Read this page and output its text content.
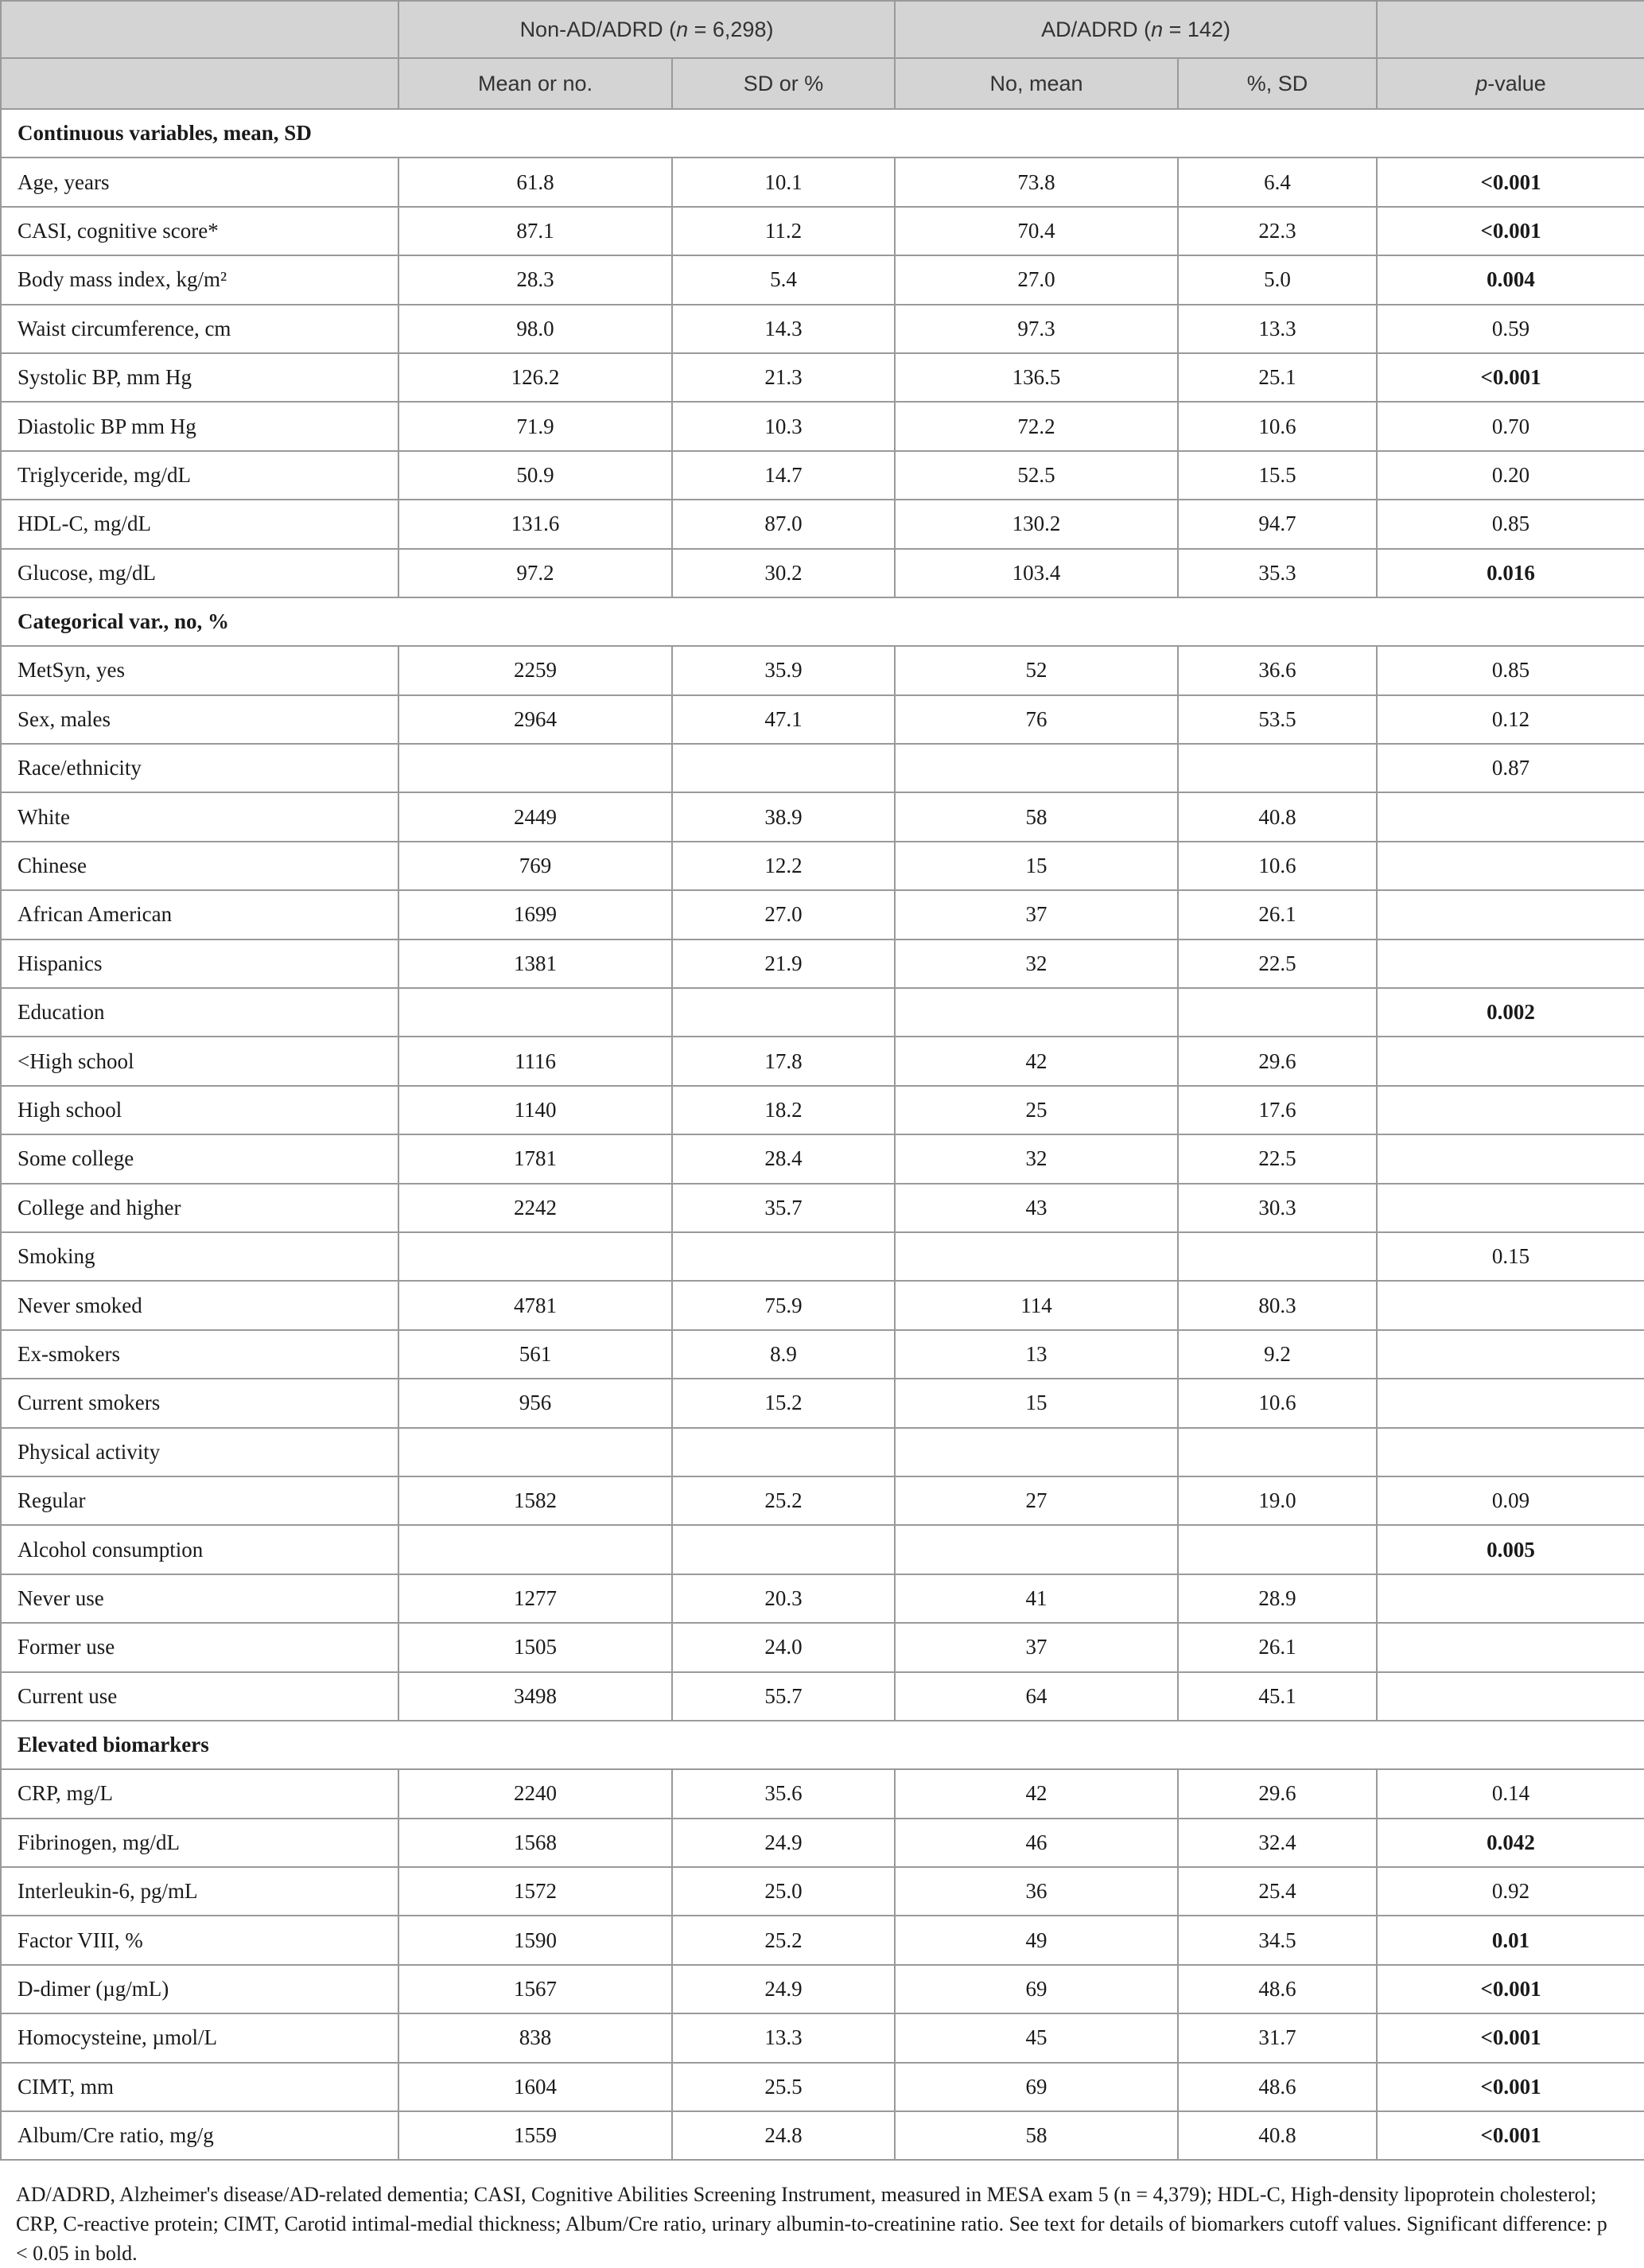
	Non-AD/ADRD (n = 6,298)		AD/ADRD (n = 142)		
	Mean or no.	SD or %	No, mean	%, SD	p-value
Continuous variables, mean, SD					
Age, years	61.8	10.1	73.8	6.4	<0.001
CASI, cognitive score*	87.1	11.2	70.4	22.3	<0.001
Body mass index, kg/m²	28.3	5.4	27.0	5.0	0.004
Waist circumference, cm	98.0	14.3	97.3	13.3	0.59
Systolic BP, mm Hg	126.2	21.3	136.5	25.1	<0.001
Diastolic BP mm Hg	71.9	10.3	72.2	10.6	0.70
Triglyceride, mg/dL	50.9	14.7	52.5	15.5	0.20
HDL-C, mg/dL	131.6	87.0	130.2	94.7	0.85
Glucose, mg/dL	97.2	30.2	103.4	35.3	0.016
Categorical var., no, %					
MetSyn, yes	2259	35.9	52	36.6	0.85
Sex, males	2964	47.1	76	53.5	0.12
Race/ethnicity					0.87
White	2449	38.9	58	40.8	
Chinese	769	12.2	15	10.6	
African American	1699	27.0	37	26.1	
Hispanics	1381	21.9	32	22.5	
Education					0.002
<High school	1116	17.8	42	29.6	
High school	1140	18.2	25	17.6	
Some college	1781	28.4	32	22.5	
College and higher	2242	35.7	43	30.3	
Smoking					0.15
Never smoked	4781	75.9	114	80.3	
Ex-smokers	561	8.9	13	9.2	
Current smokers	956	15.2	15	10.6	
Physical activity					
Regular	1582	25.2	27	19.0	0.09
Alcohol consumption					0.005
Never use	1277	20.3	41	28.9	
Former use	1505	24.0	37	26.1	
Current use	3498	55.7	64	45.1	
Elevated biomarkers					
CRP, mg/L	2240	35.6	42	29.6	0.14
Fibrinogen, mg/dL	1568	24.9	46	32.4	0.042
Interleukin-6, pg/mL	1572	25.0	36	25.4	0.92
Factor VIII, %	1590	25.2	49	34.5	0.01
D-dimer (µg/mL)	1567	24.9	69	48.6	<0.001
Homocysteine, µmol/L	838	13.3	45	31.7	<0.001
CIMT, mm	1604	25.5	69	48.6	<0.001
Album/Cre ratio, mg/g	1559	24.8	58	40.8	<0.001
AD/ADRD, Alzheimer's disease/AD-related dementia; CASI, Cognitive Abilities Screening Instrument, measured in MESA exam 5 (n = 4,379); HDL-C, High-density lipoprotein cholesterol; CRP, C-reactive protein; CIMT, Carotid intimal-medial thickness; Album/Cre ratio, urinary albumin-to-creatinine ratio. See text for details of biomarkers cutoff values. Significant difference: p < 0.05 in bold.
